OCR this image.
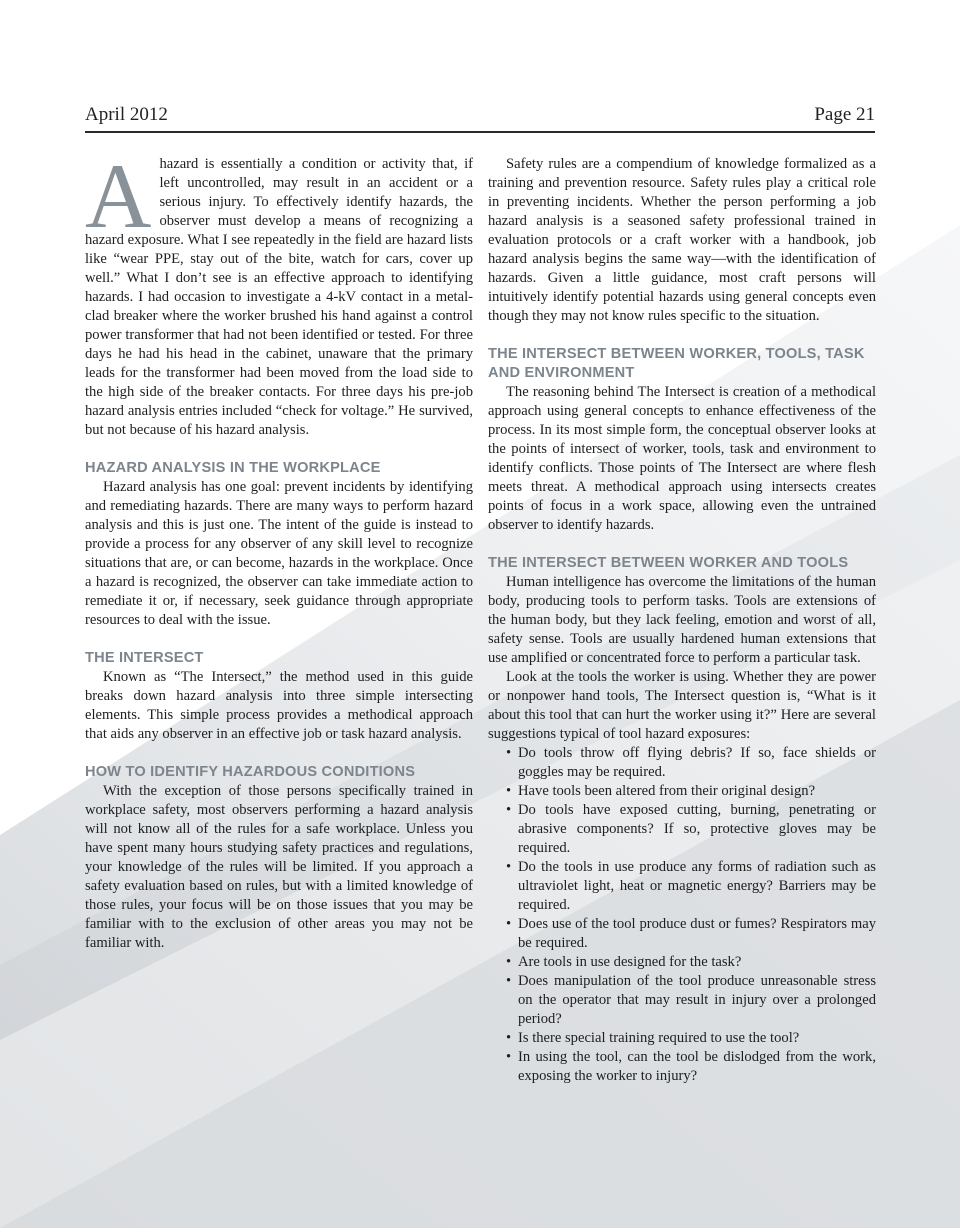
April 2012	Page 21

Ahazard is essentially a condition or activity that, if left uncontrolled, may result in an accident or a serious injury. To effectively identify hazards, the observer must develop a means of recognizing a hazard exposure. What I see repeatedly in the field are hazard lists like “wear PPE, stay out of the bite, watch for cars, cover up well.” What I don’t see is an effective approach to identifying hazards. I had occasion to investigate a 4-kV contact in a metal-clad breaker where the worker brushed his hand against a control power transformer that had not been identified or tested. For three days he had his head in the cabinet, unaware that the primary leads for the transformer had been moved from the load side to the high side of the breaker contacts. For three days his pre-job hazard analysis entries included “check for voltage.” He survived, but not because of his hazard analysis.

HAZARD ANALYSIS IN THE WORKPLACE

Hazard analysis has one goal: prevent incidents by identifying and remediating hazards. There are many ways to perform hazard analysis and this is just one. The intent of the guide is instead to provide a process for any observer of any skill level to recognize situations that are, or can become, hazards in the workplace. Once a hazard is recognized, the observer can take immediate action to remediate it or, if necessary, seek guidance through appropriate resources to deal with the issue.

THE INTERSECT

Known as “The Intersect,” the method used in this guide breaks down hazard analysis into three simple intersecting elements. This simple process provides a methodical approach that aids any observer in an effective job or task hazard analysis.

HOW TO IDENTIFY HAZARDOUS CONDITIONS

With the exception of those persons specifically trained in workplace safety, most observers performing a hazard analysis will not know all of the rules for a safe workplace. Unless you have spent many hours studying safety practices and regulations, your knowledge of the rules will be limited. If you approach a safety evaluation based on rules, but with a limited knowledge of those rules, your focus will be on those issues that you may be familiar with to the exclusion of other areas you may not be familiar with.

Safety rules are a compendium of knowledge formalized as a training and prevention resource. Safety rules play a critical role in preventing incidents. Whether the person performing a job hazard analysis is a seasoned safety professional trained in evaluation protocols or a craft worker with a handbook, job hazard analysis begins the same way—with the identification of hazards. Given a little guidance, most craft persons will intuitively identify potential hazards using general concepts even though they may not know rules specific to the situation.

THE INTERSECT BETWEEN WORKER, TOOLS, TASK AND ENVIRONMENT

The reasoning behind The Intersect is creation of a methodical approach using general concepts to enhance effectiveness of the process. In its most simple form, the conceptual observer looks at the points of intersect of worker, tools, task and environment to identify conflicts. Those points of The Intersect are where flesh meets threat. A methodical approach using intersects creates points of focus in a work space, allowing even the untrained observer to identify hazards.

THE INTERSECT BETWEEN WORKER AND TOOLS

Human intelligence has overcome the limitations of the human body, producing tools to perform tasks. Tools are extensions of the human body, but they lack feeling, emotion and worst of all, safety sense. Tools are usually hardened human extensions that use amplified or concentrated force to perform a particular task.

Look at the tools the worker is using. Whether they are power or nonpower hand tools, The Intersect question is, “What is it about this tool that can hurt the worker using it?” Here are several suggestions typical of tool hazard exposures:

• Do tools throw off flying debris? If so, face shields or goggles may be required.
• Have tools been altered from their original design?
• Do tools have exposed cutting, burning, penetrating or abrasive components? If so, protective gloves may be required.
• Do the tools in use produce any forms of radiation such as ultraviolet light, heat or magnetic energy? Barriers may be required.
• Does use of the tool produce dust or fumes? Respirators may be required.
• Are tools in use designed for the task?
• Does manipulation of the tool produce unreasonable stress on the operator that may result in injury over a prolonged period?
• Is there special training required to use the tool?
• In using the tool, can the tool be dislodged from the work, exposing the worker to injury?
